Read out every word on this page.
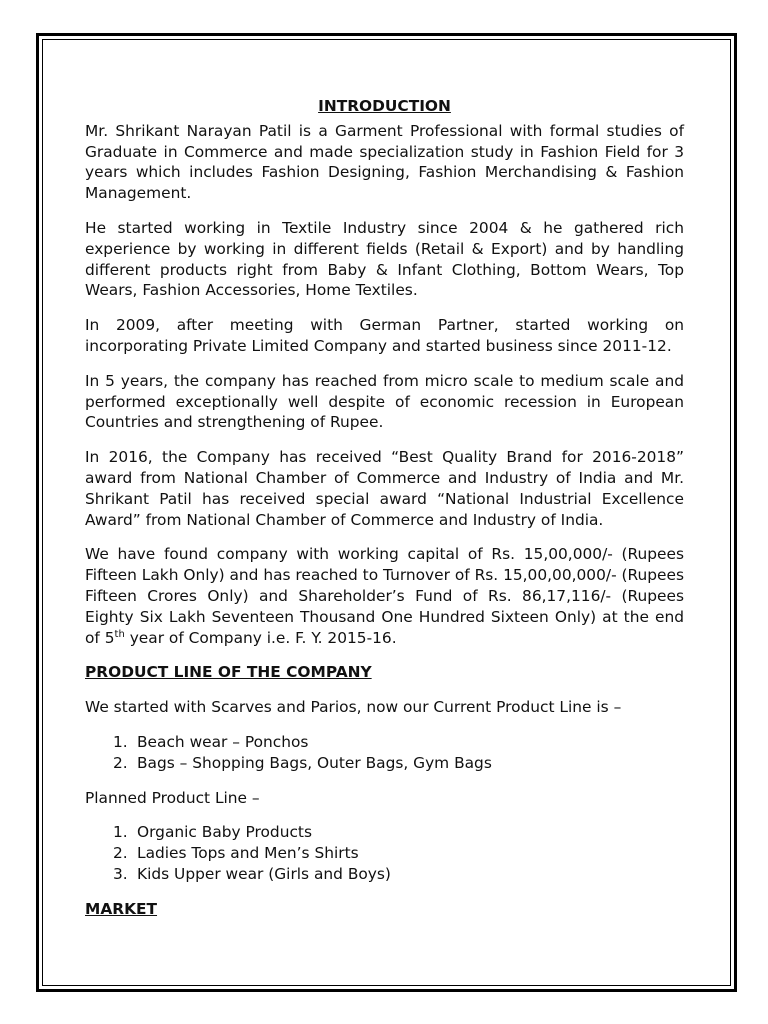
INTRODUCTION

Mr. Shrikant Narayan Patil is a Garment Professional with formal studies of Graduate in Commerce and made specialization study in Fashion Field for 3 years which includes Fashion Designing, Fashion Merchandising & Fashion Management.

He started working in Textile Industry since 2004 & he gathered rich experience by working in different fields (Retail & Export) and by handling different products right from Baby & Infant Clothing, Bottom Wears, Top Wears, Fashion Accessories, Home Textiles.

In 2009, after meeting with German Partner, started working on incorporating Private Limited Company and started business since 2011-12.

In 5 years, the company has reached from micro scale to medium scale and performed exceptionally well despite of economic recession in European Countries and strengthening of Rupee.

In 2016, the Company has received “Best Quality Brand for 2016-2018” award from National Chamber of Commerce and Industry of India and Mr. Shrikant Patil has received special award “National Industrial Excellence Award” from National Chamber of Commerce and Industry of India.

We have found company with working capital of Rs. 15,00,000/- (Rupees Fifteen Lakh Only) and has reached to Turnover of Rs. 15,00,00,000/- (Rupees Fifteen Crores Only) and Shareholder’s Fund of Rs. 86,17,116/- (Rupees Eighty Six Lakh Seventeen Thousand One Hundred Sixteen Only) at the end of 5th year of Company i.e. F. Y. 2015-16.

PRODUCT LINE OF THE COMPANY

We started with Scarves and Parios, now our Current Product Line is –

1. Beach wear – Ponchos
2. Bags – Shopping Bags, Outer Bags, Gym Bags

Planned Product Line –

1. Organic Baby Products
2. Ladies Tops and Men’s Shirts
3. Kids Upper wear (Girls and Boys)
MARKET
